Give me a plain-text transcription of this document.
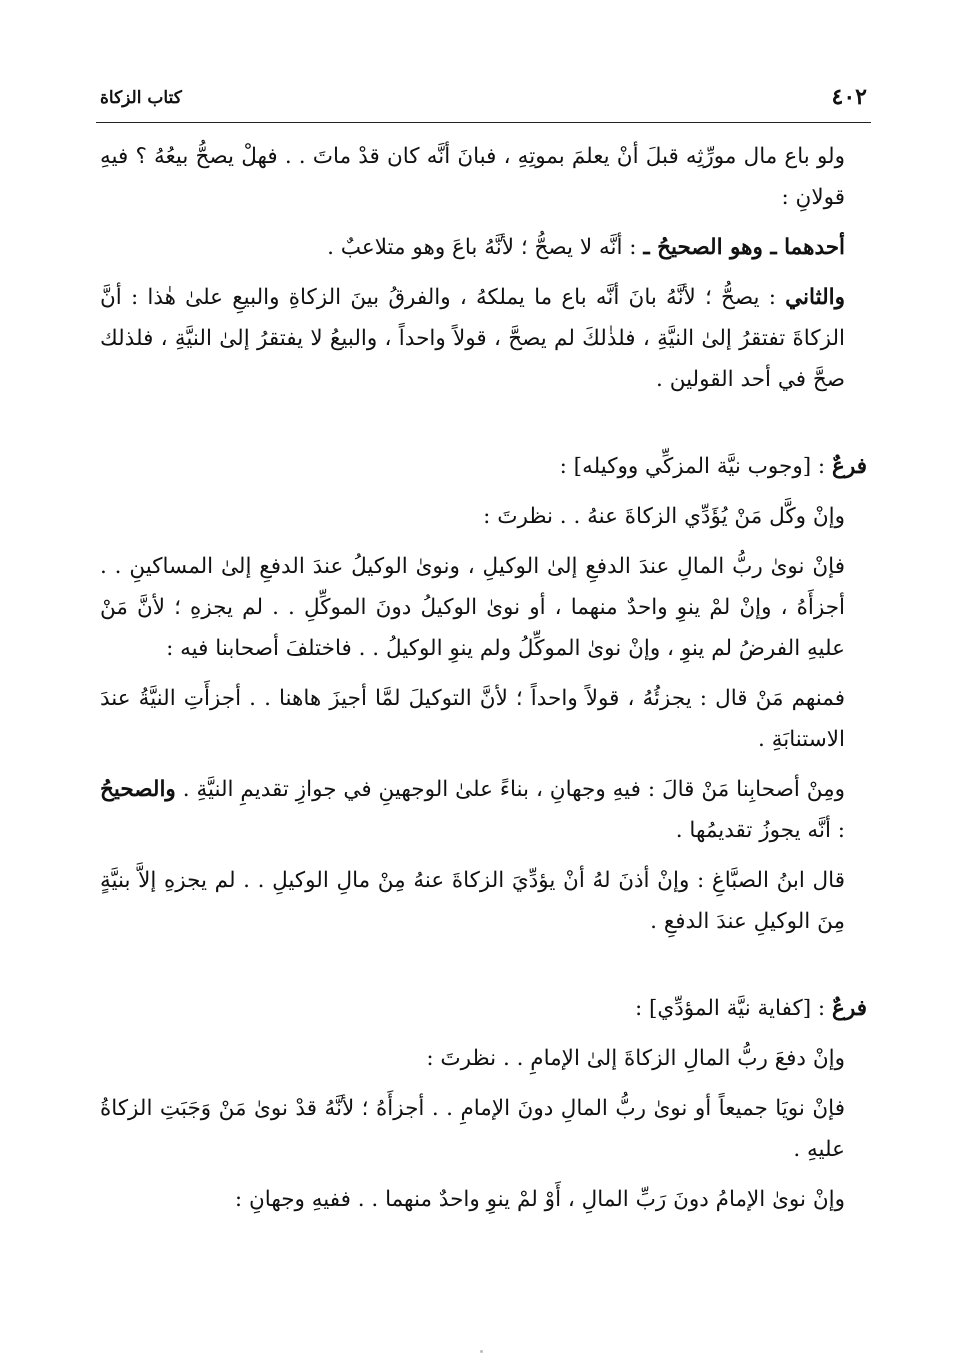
٤٠٢
كتاب الزكاة

ولو باع مال مورِّثِه قبلَ أنْ يعلمَ بموتِهِ ، فبانَ أنَّه كان قدْ ماتَ . . فهلْ يصحُّ بيعُهُ ؟ فيهِ قولانِ :

أحدهما ـ وهو الصحيحُ ـ : أنَّه لا يصحُّ ؛ لأنَّهُ باعَ وهو متلاعبٌ .

والثاني : يصحُّ ؛ لأنَّهُ بانَ أنَّه باع ما يملكهُ ، والفرقُ بينَ الزكاةِ والبيعِ علىٰ هٰذا : أنَّ الزكاةَ تفتقرُ إلىٰ النيَّةِ ، فلذٰلكَ لم يصحَّ ، قولاً واحداً ، والبيعُ لا يفتقرُ إلىٰ النيَّةِ ، فلذلك صحَّ في أحد القولين .

فرعٌ : [وجوب نيَّة المزكِّي ووكيله] :

وإنْ وكَّل مَنْ يُؤَدِّي الزكاةَ عنهُ . . نظرتَ :

فإنْ نوىٰ ربُّ المالِ عندَ الدفعِ إلىٰ الوكيلِ ، ونوىٰ الوكيلُ عندَ الدفعِ إلىٰ المساكينِ . . أجزأَهُ ، وإنْ لمْ ينوِ واحدٌ منهما ، أو نوىٰ الوكيلُ دونَ الموكِّلِ . . لم يجزهِ ؛ لأنَّ مَنْ عليهِ الفرضُ لم ينوِ ، وإنْ نوىٰ الموكِّلُ ولم ينوِ الوكيلُ . . فاختلفَ أصحابنا فيه :

فمنهم مَنْ قال : يجزئُهُ ، قولاً واحداً ؛ لأنَّ التوكيلَ لمَّا أجيزَ هاهنا . . أجزأَتِ النيَّةُ عندَ الاستنابَةِ .

ومِنْ أصحابِنا مَنْ قالَ : فيهِ وجهانِ ، بناءً علىٰ الوجهينِ في جوازِ تقديمِ النيَّةِ . والصحيحُ : أنَّه يجوزُ تقديمُها .

قال ابنُ الصبَّاغِ : وإنْ أذنَ لهُ أنْ يؤدِّيَ الزكاةَ عنهُ مِنْ مالِ الوكيلِ . . لم يجزهِ إلاَّ بنيَّةٍ مِنَ الوكيلِ عندَ الدفعِ .

فرعٌ : [كفاية نيَّة المؤدِّي] :

وإنْ دفعَ ربُّ المالِ الزكاةَ إلىٰ الإمامِ . . نظرتَ :

فإنْ نويَا جميعاً أو نوىٰ ربُّ المالِ دونَ الإمامِ . . أجزأَهُ ؛ لأنَّهُ قدْ نوىٰ مَنْ وَجَبَتِ الزكاةُ عليهِ .

وإنْ نوىٰ الإمامُ دونَ رَبِّ المالِ ، أَوْ لمْ ينوِ واحدٌ منهما . . ففيهِ وجهانِ :
